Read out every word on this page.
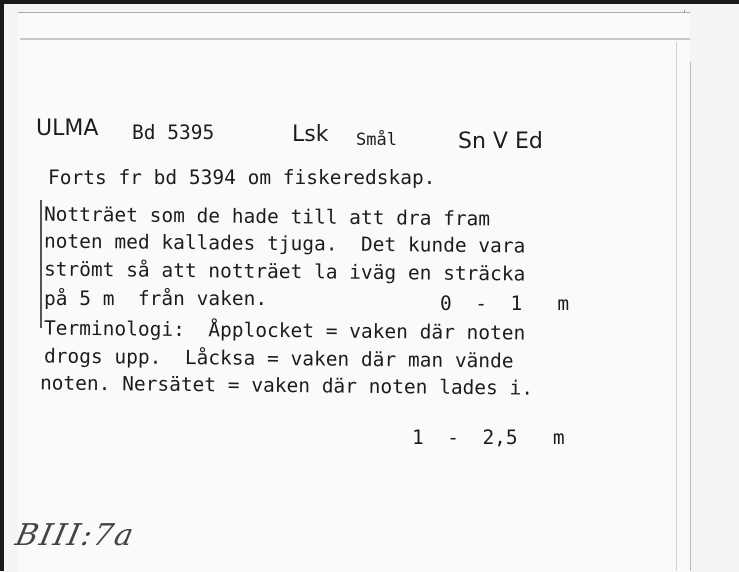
ULMA Bd 5395	Lsk Smål	Sn V Ed
Forts fr bd 5394 om fiskeredskap.
Notträet som de hade till att dra fram
noten med kallades tjuga.  Det kunde vara
strömt så att notträet la iväg en sträcka
på 5 m  från vaken.	0  -  1   m
Terminologi:  Åpplocket = vaken där noten
drogs upp.  Låcksa = vaken där man vände
noten. Nersätet = vaken där noten lades i.
1  -  2,5   m
BIII:7a
